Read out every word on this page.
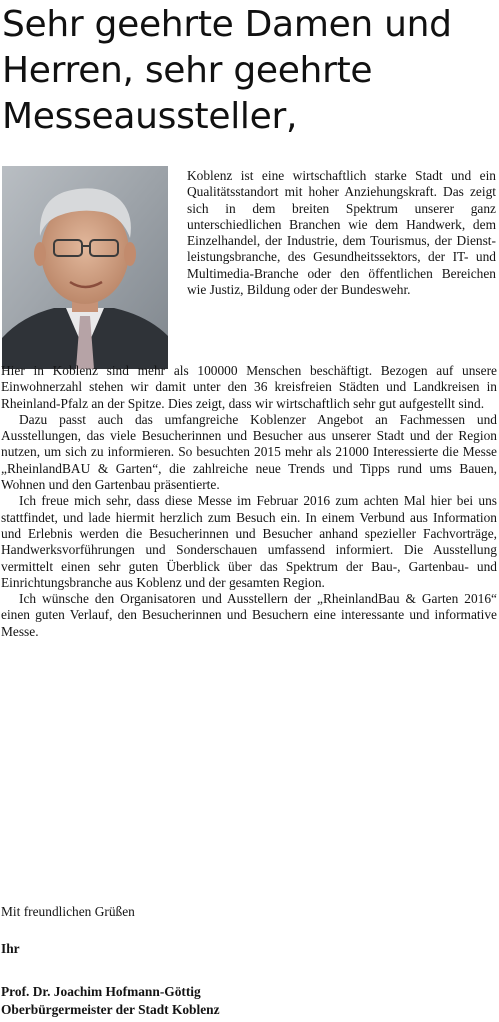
Sehr geehrte Damen und Herren, sehr geehrte Messeaussteller,
Koblenz ist eine wirtschaftlich starke Stadt und ein Qualitätsstandort mit hoher Anziehungskraft. Das zeigt sich in dem breiten Spektrum unserer ganz unterschiedlichen Branchen wie dem Handwerk, dem Einzelhandel, der Industrie, dem Tourismus, der Dienstleistungsbranche, des Gesundheitssektors, der IT- und Multimedia-Branche oder den öffentlichen Bereichen wie Justiz, Bildung oder der Bundeswehr.

Hier in Koblenz sind mehr als 100000 Menschen beschäftigt. Bezogen auf unsere Einwohnerzahl stehen wir damit unter den 36 kreisfreien Städten und Landkreisen in Rheinland-Pfalz an der Spitze. Dies zeigt, dass wir wirtschaftlich sehr gut aufgestellt sind.

Dazu passt auch das umfangreiche Koblenzer Angebot an Fachmessen und Ausstellungen, das viele Besucherinnen und Besucher aus unserer Stadt und der Region nutzen, um sich zu informieren. So besuchten 2015 mehr als 21000 Interessierte die Messe „RheinlandBAU & Garten“, die zahlreiche neue Trends und Tipps rund ums Bauen, Wohnen und den Gartenbau präsentierte.

Ich freue mich sehr, dass diese Messe im Februar 2016 zum achten Mal hier bei uns stattfindet, und lade hiermit herzlich zum Besuch ein. In einem Verbund aus Information und Erlebnis werden die Besucherinnen und Besucher anhand spezieller Fachvorträge, Handwerksvorführungen und Sonderschauen umfassend informiert. Die Ausstellung vermittelt einen sehr guten Überblick über das Spektrum der Bau-, Gartenbau- und Einrichtungsbranche aus Koblenz und der gesamten Region.

Ich wünsche den Organisatoren und Ausstellern der „RheinlandBau & Garten 2016“ einen guten Verlauf, den Besucherinnen und Besuchern eine interessante und informative Messe.

Mit freundlichen Grüßen
Ihr
Prof. Dr. Joachim Hofmann-Göttig
Oberbürgermeister der Stadt Koblenz
